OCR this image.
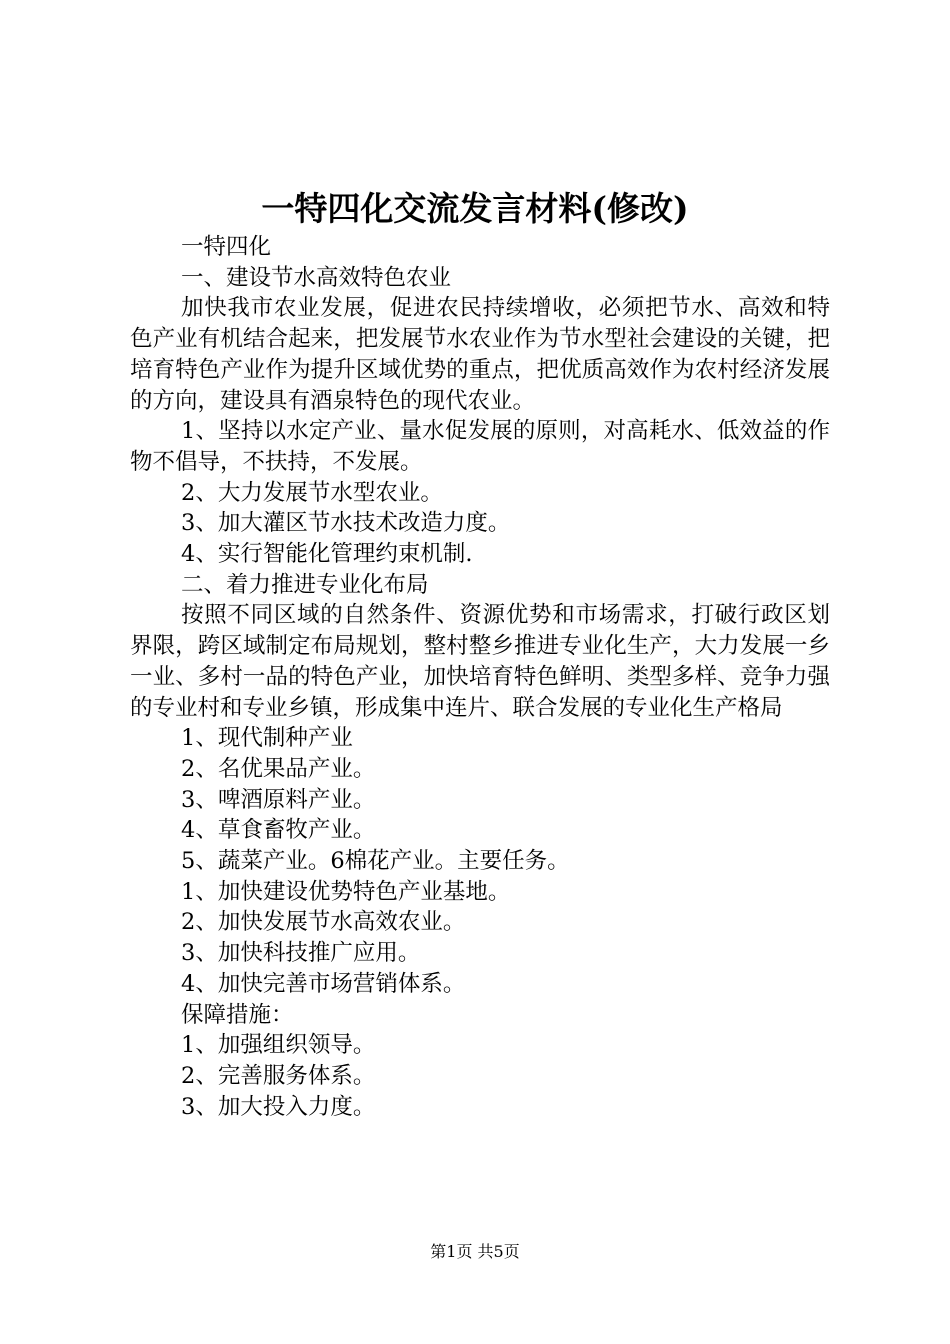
一特四化交流发言材料(修改)

一特四化

一、建设节水高效特色农业

加快我市农业发展，促进农民持续增收，必须把节水、高效和特色产业有机结合起来，把发展节水农业作为节水型社会建设的关键，把培育特色产业作为提升区域优势的重点，把优质高效作为农村经济发展的方向，建设具有酒泉特色的现代农业。

1、坚持以水定产业、量水促发展的原则，对高耗水、低效益的作物不倡导，不扶持，不发展。

2、大力发展节水型农业。

3、加大灌区节水技术改造力度。

4、实行智能化管理约束机制.

二、着力推进专业化布局

按照不同区域的自然条件、资源优势和市场需求，打破行政区划界限，跨区域制定布局规划，整村整乡推进专业化生产，大力发展一乡一业、多村一品的特色产业，加快培育特色鲜明、类型多样、竞争力强的专业村和专业乡镇，形成集中连片、联合发展的专业化生产格局

1、现代制种产业

2、名优果品产业。

3、啤酒原料产业。

4、草食畜牧产业。

5、蔬菜产业。6棉花产业。主要任务。

1、加快建设优势特色产业基地。

2、加快发展节水高效农业。

3、加快科技推广应用。

4、加快完善市场营销体系。

保障措施：

1、加强组织领导。

2、完善服务体系。

3、加大投入力度。

第1页 共5页
